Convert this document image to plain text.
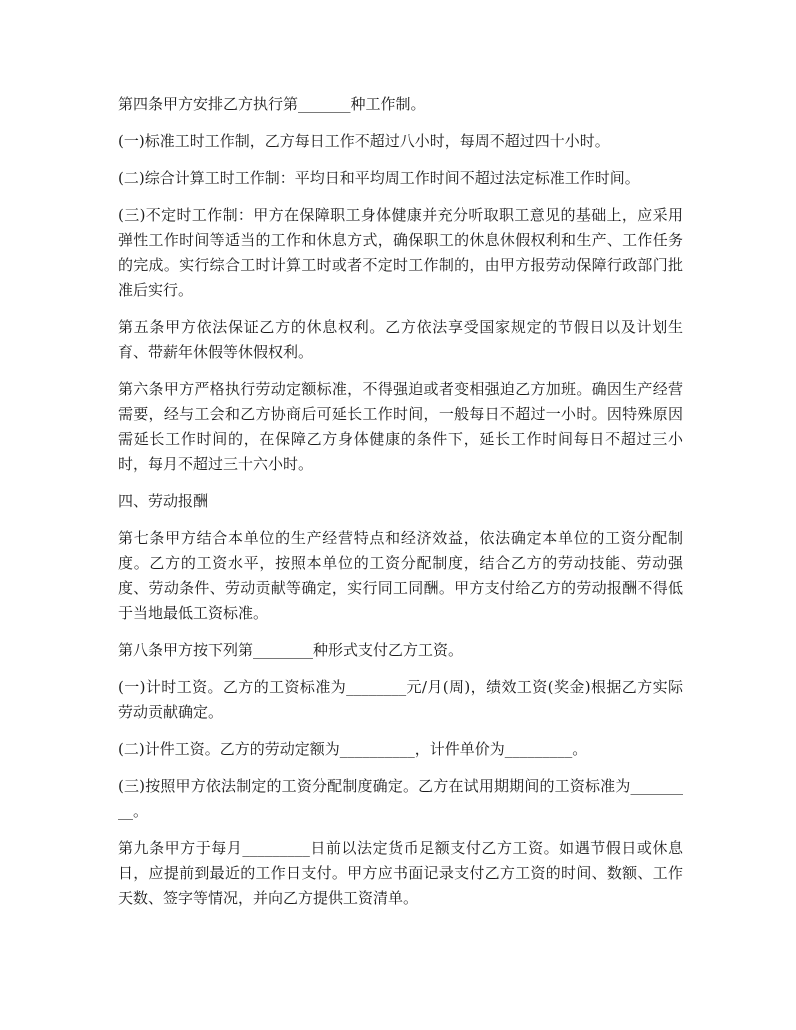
第四条甲方安排乙方执行第_______种工作制。

(一)标准工时工作制，乙方每日工作不超过八小时，每周不超过四十小时。

(二)综合计算工时工作制：平均日和平均周工作时间不超过法定标准工作时间。

(三)不定时工作制：甲方在保障职工身体健康并充分听取职工意见的基础上，应采用弹性工作时间等适当的工作和休息方式，确保职工的休息休假权利和生产、工作任务的完成。实行综合工时计算工时或者不定时工作制的，由甲方报劳动保障行政部门批准后实行。

第五条甲方依法保证乙方的休息权利。乙方依法享受国家规定的节假日以及计划生育、带薪年休假等休假权利。

第六条甲方严格执行劳动定额标准，不得强迫或者变相强迫乙方加班。确因生产经营需要，经与工会和乙方协商后可延长工作时间，一般每日不超过一小时。因特殊原因需延长工作时间的，在保障乙方身体健康的条件下，延长工作时间每日不超过三小时，每月不超过三十六小时。

四、劳动报酬

第七条甲方结合本单位的生产经营特点和经济效益，依法确定本单位的工资分配制度。乙方的工资水平，按照本单位的工资分配制度，结合乙方的劳动技能、劳动强度、劳动条件、劳动贡献等确定，实行同工同酬。甲方支付给乙方的劳动报酬不得低于当地最低工资标准。

第八条甲方按下列第________种形式支付乙方工资。

(一)计时工资。乙方的工资标准为________元/月(周)，绩效工资(奖金)根据乙方实际劳动贡献确定。

(二)计件工资。乙方的劳动定额为__________，计件单价为_________。

(三)按照甲方依法制定的工资分配制度确定。乙方在试用期期间的工资标准为_________。

第九条甲方于每月_________日前以法定货币足额支付乙方工资。如遇节假日或休息日，应提前到最近的工作日支付。甲方应书面记录支付乙方工资的时间、数额、工作天数、签字等情况，并向乙方提供工资清单。
